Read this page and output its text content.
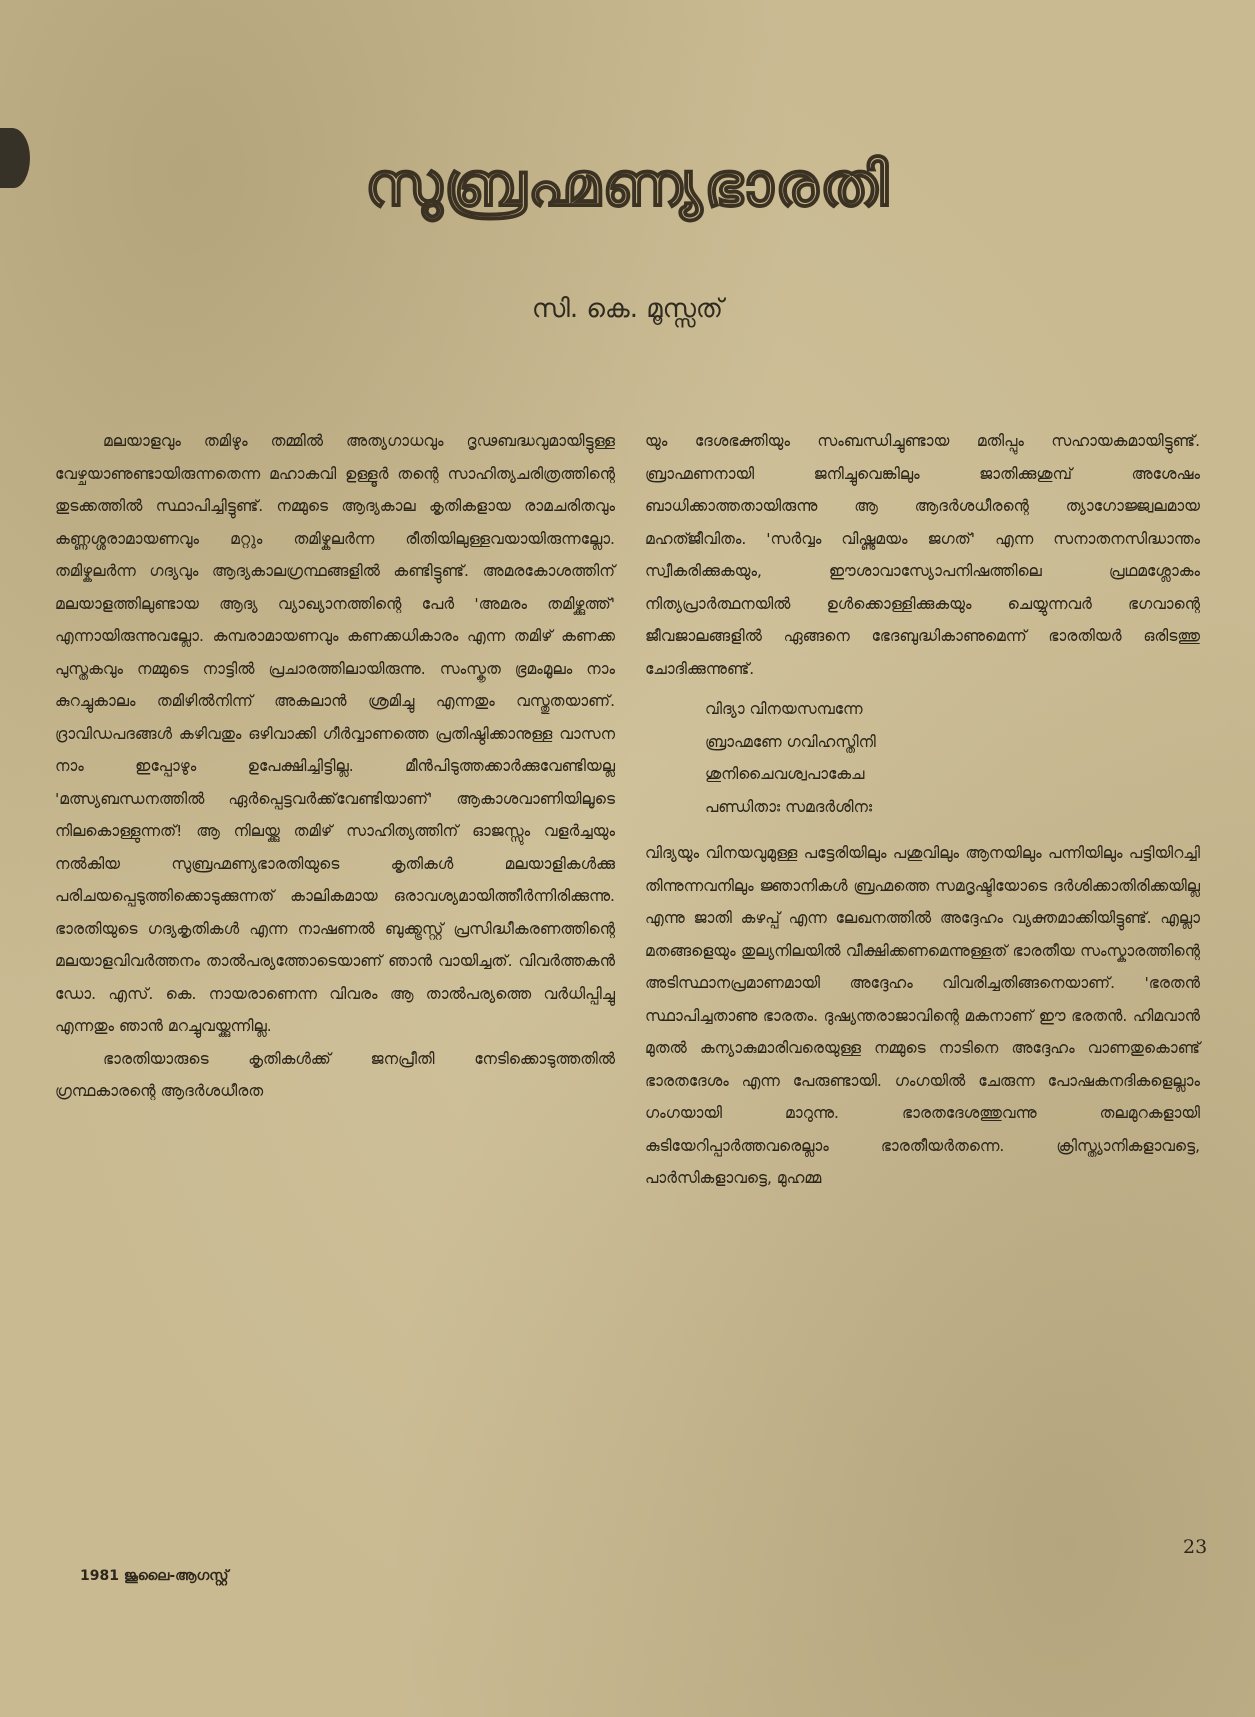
സുബ്രഹ്മണ്യഭാരതി
സി. കെ. മൂസ്സത്

മലയാളവും തമിഴും തമ്മിൽ അത്യഗാധവും ദൃഢബദ്ധവുമായിട്ടുള്ള വേഴ്ചയാണുണ്ടായിരുന്നതെന്ന മഹാകവി ഉള്ളൂർ തന്റെ സാഹിത്യചരിത്രത്തിന്റെ തുടക്കത്തിൽ സ്ഥാപിച്ചിട്ടുണ്ട്. നമ്മുടെ ആദ്യകാല കൃതികളായ രാമചരിതവും കണ്ണശ്ശരാമായണവും മറ്റും തമിഴ്കലർന്ന രീതിയിലുള്ളവയായിരുന്നല്ലോ. തമിഴ്കലർന്ന ഗദ്യവും ആദ്യകാലഗ്രന്ഥങ്ങളിൽ കണ്ടിട്ടുണ്ട്. അമരകോശത്തിന് മലയാളത്തിലുണ്ടായ ആദ്യ വ്യാഖ്യാനത്തിന്റെ പേർ 'അമരം തമിഴ്ക്കുത്ത്' എന്നായിരുന്നുവല്ലോ. കമ്പരാമായണവും കണക്കധികാരം എന്ന തമിഴ് കണക്ക പുസ്തകവും നമ്മുടെ നാട്ടിൽ പ്രചാരത്തിലായിരുന്നു. സംസ്കൃത ഭ്രമംമൂലം നാം കുറച്ചുകാലം തമിഴിൽനിന്ന് അകലാൻ ശ്രമിച്ചു എന്നതും വസ്തുതയാണ്. ദ്രാവിഡപദങ്ങൾ കഴിവതും ഒഴിവാക്കി ഗീർവ്വാണത്തെ പ്രതിഷ്ഠിക്കാനുള്ള വാസന നാം ഇപ്പോഴും ഉപേക്ഷിച്ചിട്ടില്ല. മീൻപിടുത്തക്കാർക്കുവേണ്ടിയല്ല 'മത്സ്യബന്ധനത്തിൽ ഏർപ്പെട്ടവർക്ക്‌വേണ്ടിയാണ്' ആകാശവാണിയിലൂടെ നിലകൊള്ളുന്നത്! ആ നിലയ്ക്കു തമിഴ് സാഹിത്യത്തിന് ഓജസ്സും വളർച്ചയും നൽകിയ സുബ്രഹ്മണ്യഭാരതിയുടെ കൃതികൾ മലയാളികൾക്കു പരിചയപ്പെടുത്തിക്കൊടുക്കുന്നത് കാലികമായ ഒരാവശ്യമായിത്തീർന്നിരിക്കുന്നു. ഭാരതിയുടെ ഗദ്യകൃതികൾ എന്ന നാഷണൽ ബുക്ക്ട്രസ്റ്റ് പ്രസിദ്ധീകരണത്തിന്റെ മലയാളവിവർത്തനം താൽപര്യത്തോടെയാണ് ഞാൻ വായിച്ചത്. വിവർത്തകൻ ഡോ. എസ്. കെ. നായരാണെന്ന വിവരം ആ താൽപര്യത്തെ വർധിപ്പിച്ചു എന്നതും ഞാൻ മറച്ചുവയ്ക്കുന്നില്ല.

ഭാരതിയാരുടെ കൃതികൾക്ക് ജനപ്രീതി നേടിക്കൊടുത്തതിൽ ഗ്രന്ഥകാരന്റെ ആദർശധീരത

യും ദേശഭക്തിയും സംബന്ധിച്ചുണ്ടായ മതിപ്പും സഹായകമായിട്ടുണ്ട്. ബ്രാഹ്മണനായി ജനിച്ചുവെങ്കിലും ജാതിക്കുശുമ്പ് അശേഷം ബാധിക്കാത്തതായിരുന്നു ആ ആദർശധീരന്റെ ത്യാഗോജ്ജ്വലമായ മഹത്ജീവിതം. 'സർവ്വം വിഷ്ണുമയം ജഗത്' എന്ന സനാതനസിദ്ധാന്തം സ്വീകരിക്കുകയും, ഈശാവാസ്യോപനിഷത്തിലെ പ്രഥമശ്ലോകം നിത്യപ്രാർത്ഥനയിൽ ഉൾക്കൊള്ളിക്കുകയും ചെയ്യുന്നവർ ഭഗവാന്റെ ജീവജാലങ്ങളിൽ ഏങ്ങനെ ഭേദബുദ്ധികാണുമെന്ന് ഭാരതിയർ ഒരിടത്തു ചോദിക്കുന്നുണ്ട്.

വിദ്യാ വിനയസമ്പന്നേ
ബ്രാഹ്മണേ ഗവിഹസ്തിനി
ശുനിചൈവശ്വപാകേച
പണ്ഡിതാഃ സമദർശിനഃ

വിദ്യയും വിനയവുമുള്ള പട്ടേരിയിലും പശുവിലും ആനയിലും പന്നിയിലും പട്ടിയിറച്ചി തിന്നുന്നവനിലും ജ്ഞാനികൾ ബ്രഹ്മത്തെ സമദൃഷ്ടിയോടെ ദർശിക്കാതിരിക്കയില്ല എന്നു ജാതി കഴപ്പ് എന്ന ലേഖനത്തിൽ അദ്ദേഹം വ്യക്തമാക്കിയിട്ടുണ്ട്. എല്ലാ മതങ്ങളെയും തുല്യനിലയിൽ വീക്ഷിക്കണമെന്നുള്ളത് ഭാരതീയ സംസ്കാരത്തിന്റെ അടിസ്ഥാനപ്രമാണമായി അദ്ദേഹം വിവരിച്ചതിങ്ങനെയാണ്. 'ഭരതൻ സ്ഥാപിച്ചതാണു ഭാരതം. ദുഷ്യന്തരാജാവിന്റെ മകനാണ് ഈ ഭരതൻ. ഹിമവാൻ മുതൽ കന്യാകുമാരിവരെയുള്ള നമ്മുടെ നാടിനെ അദ്ദേഹം വാണതുകൊണ്ട് ഭാരതദേശം എന്ന പേരുണ്ടായി. ഗംഗയിൽ ചേരുന്ന പോഷകനദികളെല്ലാം ഗംഗയായി മാറുന്നു. ഭാരതദേശത്തുവന്നു തലമുറകളായി കുടിയേറിപ്പാർത്തവരെല്ലാം ഭാരതീയർതന്നെ. ക്രിസ്ത്യാനികളാവട്ടെ, പാർസികളാവട്ടെ, മുഹമ്മ

23
1981 ജൂലൈ-ആഗസ്റ്റ്
